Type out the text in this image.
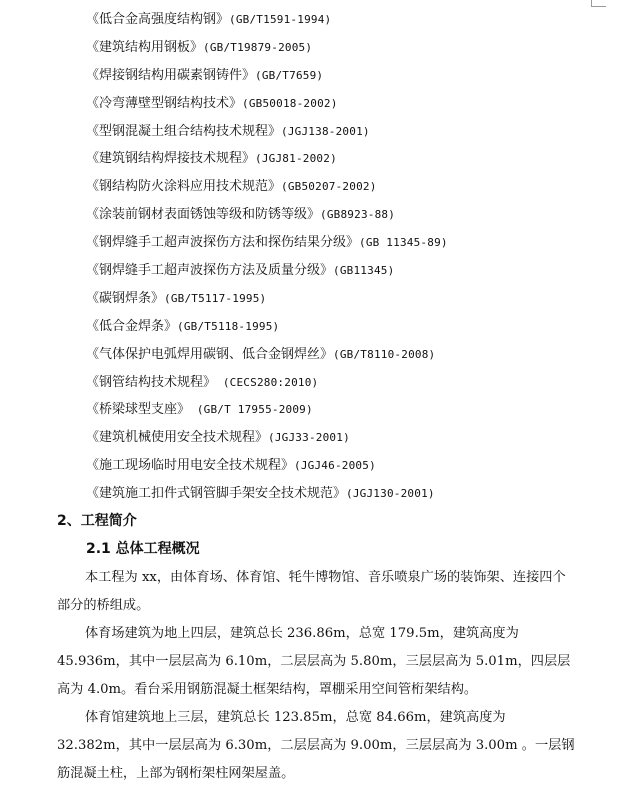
《低合金高强度结构钢》(GB/T1591-1994)
《建筑结构用钢板》(GB/T19879-2005)
《焊接钢结构用碳素钢铸件》(GB/T7659)
《冷弯薄壁型钢结构技术》(GB50018-2002)
《型钢混凝土组合结构技术规程》(JGJ138-2001)
《建筑钢结构焊接技术规程》(JGJ81-2002)
《钢结构防火涂料应用技术规范》(GB50207-2002)
《涂装前钢材表面锈蚀等级和防锈等级》(GB8923-88)
《钢焊缝手工超声波探伤方法和探伤结果分级》(GB 11345-89)
《钢焊缝手工超声波探伤方法及质量分级》(GB11345)
《碳钢焊条》(GB/T5117-1995)
《低合金焊条》(GB/T5118-1995)
《气体保护电弧焊用碳钢、低合金钢焊丝》(GB/T8110-2008)
《钢管结构技术规程》 (CECS280:2010)
《桥梁球型支座》 (GB/T 17955-2009)
《建筑机械使用安全技术规程》(JGJ33-2001)
《施工现场临时用电安全技术规程》(JGJ46-2005)
《建筑施工扣件式钢管脚手架安全技术规范》(JGJ130-2001)
2、工程简介
2.1 总体工程概况

本工程为 xx，由体育场、体育馆、牦牛博物馆、音乐喷泉广场的装饰架、连接四个部分的桥组成。

体育场建筑为地上四层，建筑总长 236.86m，总宽 179.5m，建筑高度为 45.936m，其中一层层高为 6.10m，二层层高为 5.80m，三层层高为 5.01m，四层层高为 4.0m。看台采用钢筋混凝土框架结构，罩棚采用空间管桁架结构。

体育馆建筑地上三层，建筑总长 123.85m，总宽 84.66m，建筑高度为 32.382m，其中一层层高为 6.30m，二层层高为 9.00m，三层层高为 3.00m 。一层钢筋混凝土柱，上部为钢桁架柱网架屋盖。
